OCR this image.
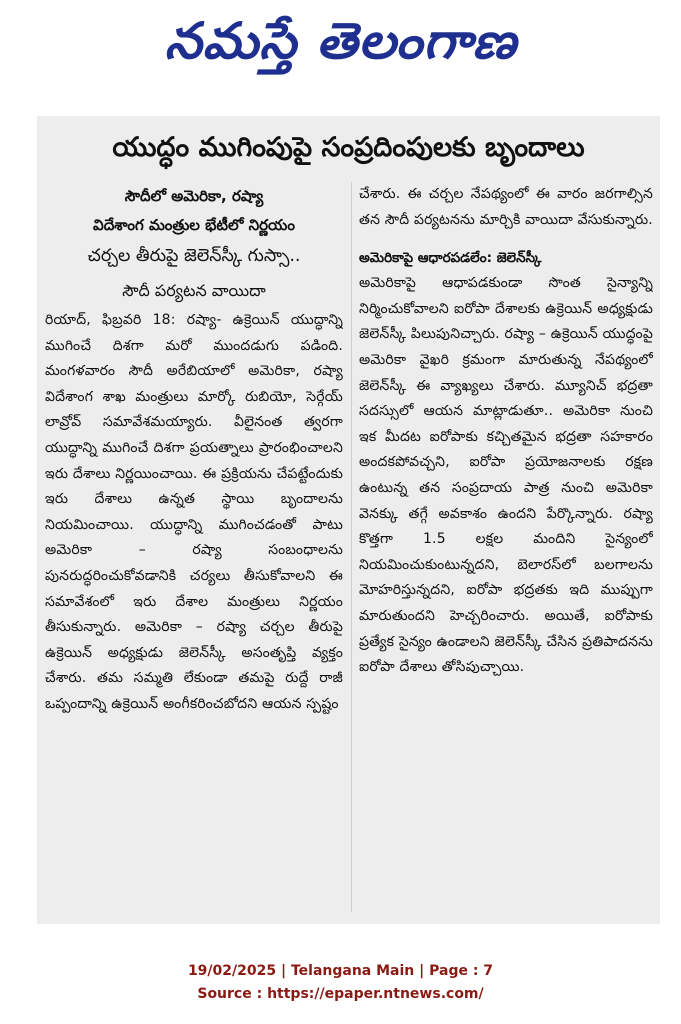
నమస్తే తెలంగాణ
యుద్ధం ముగింపుపై సంప్రదింపులకు బృందాలు

సౌదీలో అమెరికా, రష్యా

విదేశాంగ మంత్రుల భేటీలో నిర్ణయం

చర్చల తీరుపై జెలెన్‌స్కీ గుస్సా..

సౌదీ పర్యటన వాయిదా

రియాద్, ఫిబ్రవరి 18: రష్యా- ఉక్రెయిన్ యుద్ధాన్ని ముగించే దిశగా మరో ముందడుగు పడింది. మంగళవారం సౌదీ అరేబియాలో అమెరికా, రష్యా విదేశాంగ శాఖ మంత్రులు మార్కో రుబియో, సెర్గేయ్ లావ్రోవ్ సమావేశమయ్యారు. వీలైనంత త్వరగా యుద్ధాన్ని ముగించే దిశగా ప్రయత్నాలు ప్రారంభించాలని ఇరు దేశాలు నిర్ణయించాయి. ఈ ప్రక్రియను చేపట్టేందుకు ఇరు దేశాలు ఉన్నత స్థాయి బృందాలను నియమించాయి. యుద్ధాన్ని ముగించడంతో పాటు అమెరికా – రష్యా సంబంధాలను పునరుద్ధరించుకోవడానికి చర్యలు తీసుకోవాలని ఈ సమావేశంలో ఇరు దేశాల మంత్రులు నిర్ణయం తీసుకున్నారు. అమెరికా – రష్యా చర్చల తీరుపై ఉక్రెయిన్ అధ్యక్షుడు జెలెన్‌స్కీ అసంతృప్తి వ్యక్తం చేశారు. తమ సమ్మతి లేకుండా తమపై రుద్దే రాజీ ఒప్పందాన్ని ఉక్రెయిన్ అంగీకరించబోదని ఆయన స్పష్టం

చేశారు. ఈ చర్చల నేపథ్యంలో ఈ వారం జరగాల్సిన తన సౌదీ పర్యటనను మార్చికి వాయిదా వేసుకున్నారు.

అమెరికాపై ఆధారపడలేం: జెలెన్‌స్కీ

అమెరికాపై ఆధాపడకుండా సొంత సైన్యాన్ని నిర్మించుకోవాలని ఐరోపా దేశాలకు ఉక్రెయిన్ అధ్యక్షుడు జెలెన్‌స్కీ పిలుపునిచ్చారు. రష్యా – ఉక్రెయిన్ యుద్ధంపై అమెరికా వైఖరి క్రమంగా మారుతున్న నేపథ్యంలో జెలెన్‌స్కీ ఈ వ్యాఖ్యలు చేశారు. మ్యూనిచ్ భద్రతా సదస్సులో ఆయన మాట్లాడుతూ.. అమెరికా నుంచి ఇక మీదట ఐరోపాకు కచ్చితమైన భద్రతా సహకారం అందకపోవచ్చని, ఐరోపా ప్రయోజనాలకు రక్షణ ఉంటున్న తన సంప్రదాయ పాత్ర నుంచి అమెరికా వెనక్కు తగ్గే అవకాశం ఉందని పేర్కొన్నారు. రష్యా కొత్తగా 1.5 లక్షల మందిని సైన్యంలో నియమించుకుంటున్నదని, బెలారస్‌లో బలగాలను మోహరిస్తున్నదని, ఐరోపా భద్రతకు ఇది ముప్పుగా మారుతుందని హెచ్చరించారు. అయితే, ఐరోపాకు ప్రత్యేక సైన్యం ఉండాలని జెలెన్‌స్కీ చేసిన ప్రతిపాదనను ఐరోపా దేశాలు తోసిపుచ్చాయి.

19/02/2025 | Telangana Main | Page : 7
Source : https://epaper.ntnews.com/
